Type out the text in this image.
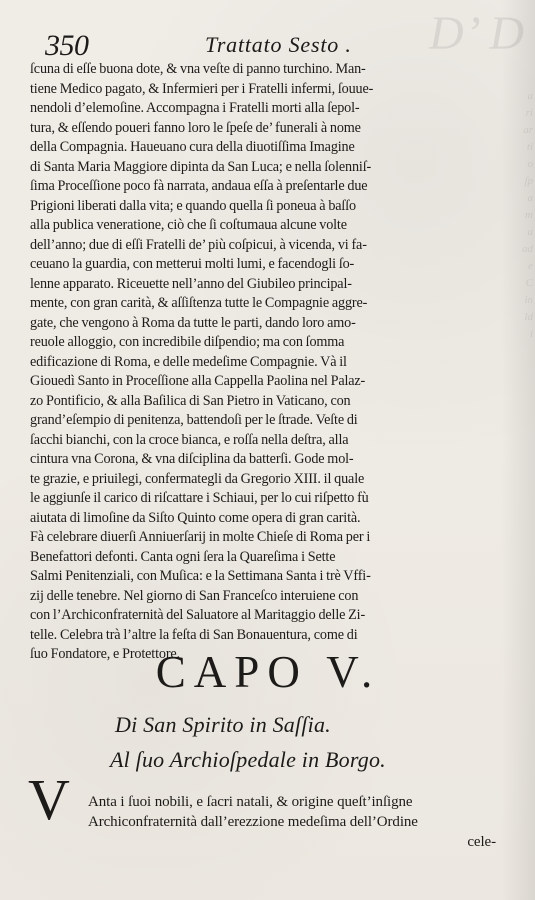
D’ D
a
ri
ar
ti
o
ſp
a
m
a
ad
e
C
in
ld
i
350	Trattato Sesto .
ſcuna di eſſe buona dote, & vna veſte di panno turchino. Man-
tiene Medico pagato, & Infermieri per i Fratelli infermi, ſouue-
nendoli d’elemoſine. Accompagna i Fratelli morti alla ſepol-
tura, & eſſendo poueri fanno loro le ſpeſe de’ funerali à nome
della Compagnia. Haueuano cura della diuotiſſima Imagine
di Santa Maria Maggiore dipinta da San Luca; e nella ſolenniſ-
ſima Proceſſione poco fà narrata, andaua eſſa à preſentarle due
Prigioni liberati dalla vita; e quando quella ſi poneua à baſſo
alla publica veneratione, ciò che ſi coſtumaua alcune volte
dell’anno; due di eſſi Fratelli de’ più coſpicui, à vicenda, vi fa-
ceuano la guardia, con metterui molti lumi, e facendogli ſo-
lenne apparato. Riceuette nell’anno del Giubileo principal-
mente, con gran carità, & aſſiſtenza tutte le Compagnie aggre-
gate, che vengono à Roma da tutte le parti, dando loro amo-
reuole alloggio, con incredibile diſpendio; ma con ſomma
edificazione di Roma, e delle medeſime Compagnie. Và il
Giouedì Santo in Proceſſione alla Cappella Paolina nel Palaz-
zo Pontificio, & alla Baſilica di San Pietro in Vaticano, con
grand’eſempio di penitenza, battendoſi per le ſtrade. Veſte di
ſacchi bianchi, con la croce bianca, e roſſa nella deſtra, alla
cintura vna Corona, & vna diſciplina da batterſi. Gode mol-
te grazie, e priuilegi, confermategli da Gregorio XIII. il quale
le aggiunſe il carico di riſcattare i Schiaui, per lo cui riſpetto fù
aiutata di limoſine da Siſto Quinto come opera di gran carità.
Fà celebrare diuerſi Anniuerſarij in molte Chieſe di Roma per i
Benefattori defonti. Canta ogni ſera la Quareſima i Sette
Salmi Penitenziali, con Muſica: e la Settimana Santa i trè Vffi-
zij delle tenebre. Nel giorno di San Franceſco interuiene con
con l’Archiconfraternità del Saluatore al Maritaggio delle Zi-
telle. Celebra trà l’altre la feſta di San Bonauentura, come di
ſuo Fondatore, e Protettore.
CAPO V.
Di San Spirito in Saſſia.
Al ſuo Archioſpedale in Borgo.
V Anta i ſuoi nobili, e ſacri natali, & origine queſt’inſigne
Archiconfraternità dall’erezzione medeſima dell’Ordine
cele-
